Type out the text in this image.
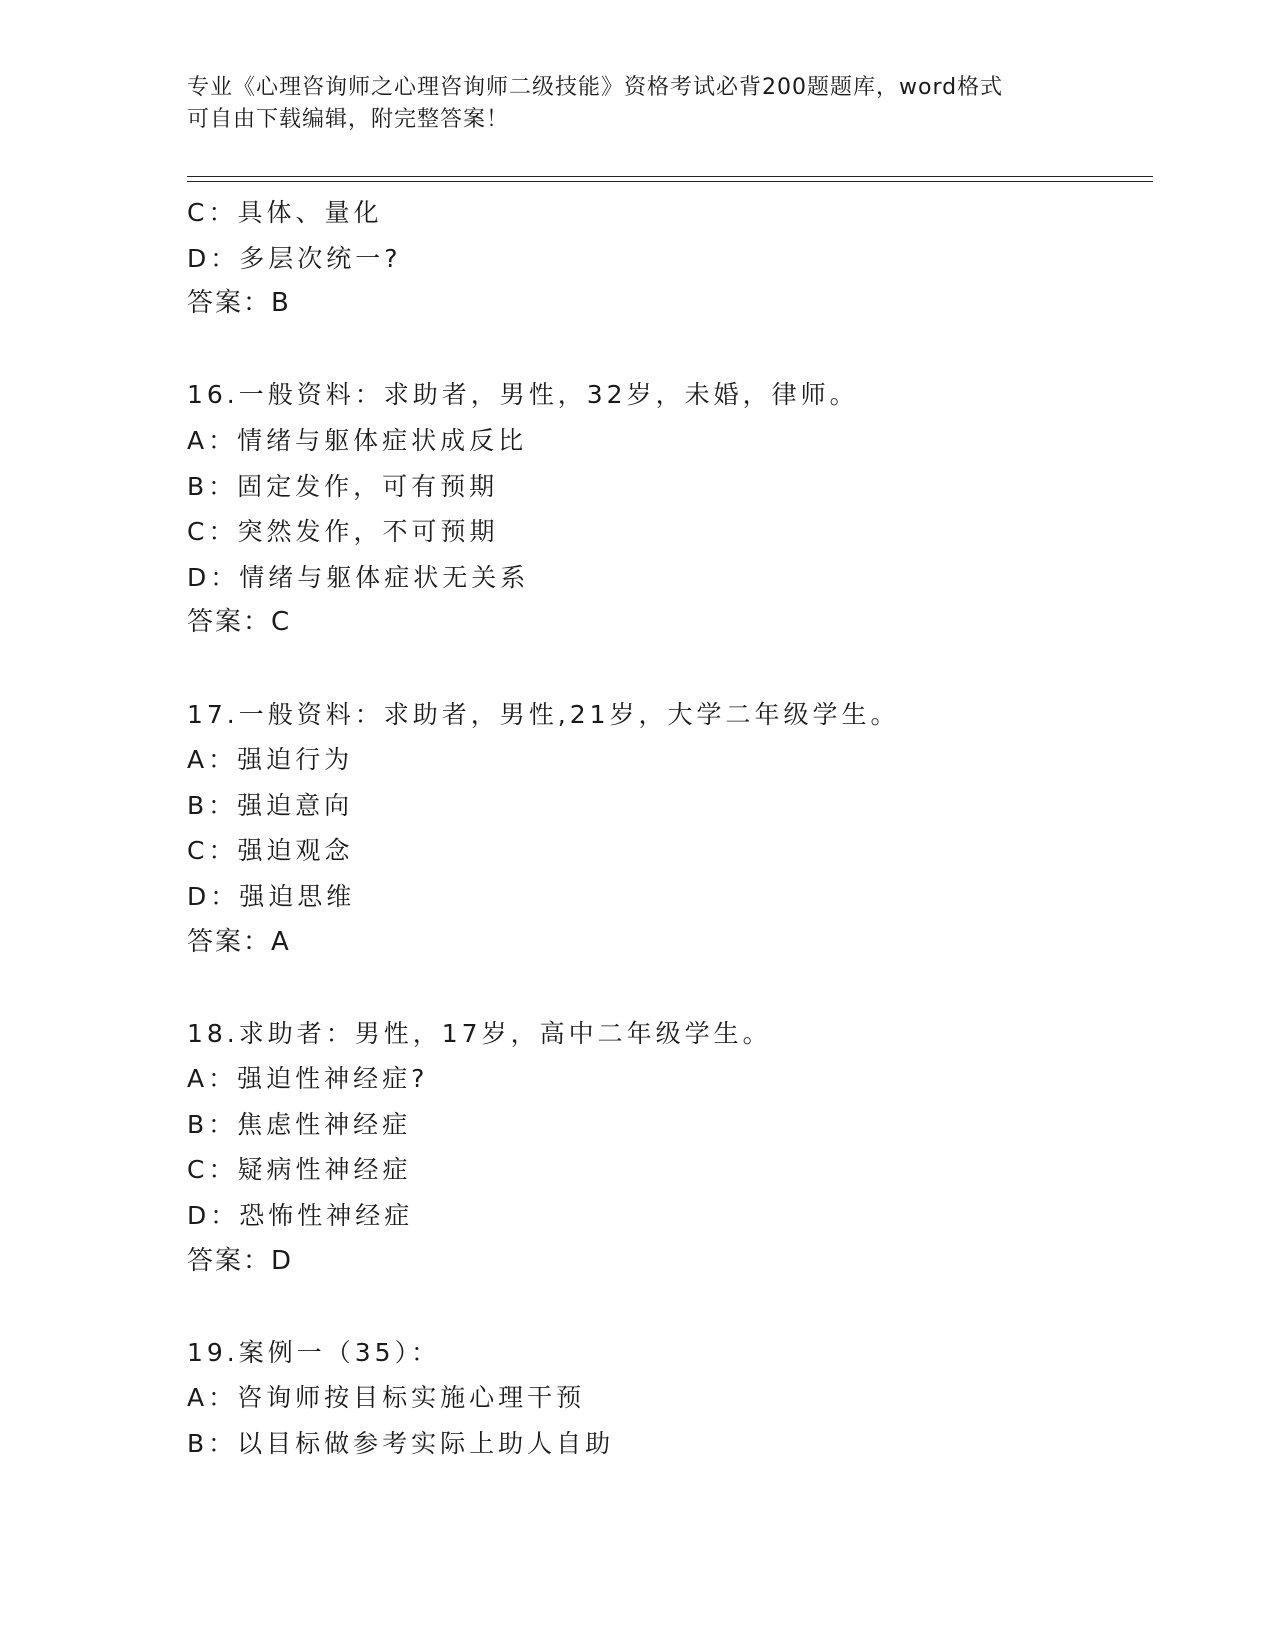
专业《心理咨询师之心理咨询师二级技能》资格考试必背200题题库，word格式
可自由下载编辑，附完整答案！
C：具体、量化
D：多层次统一?
答案：B
16.一般资料：求助者，男性，32岁，未婚，律师。
A：情绪与躯体症状成反比
B：固定发作，可有预期
C：突然发作，不可预期
D：情绪与躯体症状无关系
答案：C
17.一般资料：求助者，男性,21岁，大学二年级学生。
A：强迫行为
B：强迫意向
C：强迫观念
D：强迫思维
答案：A
18.求助者：男性，17岁，高中二年级学生。
A：强迫性神经症?
B：焦虑性神经症
C：疑病性神经症
D：恐怖性神经症
答案：D
19.案例一（35）：
A：咨询师按目标实施心理干预
B：以目标做参考实际上助人自助
